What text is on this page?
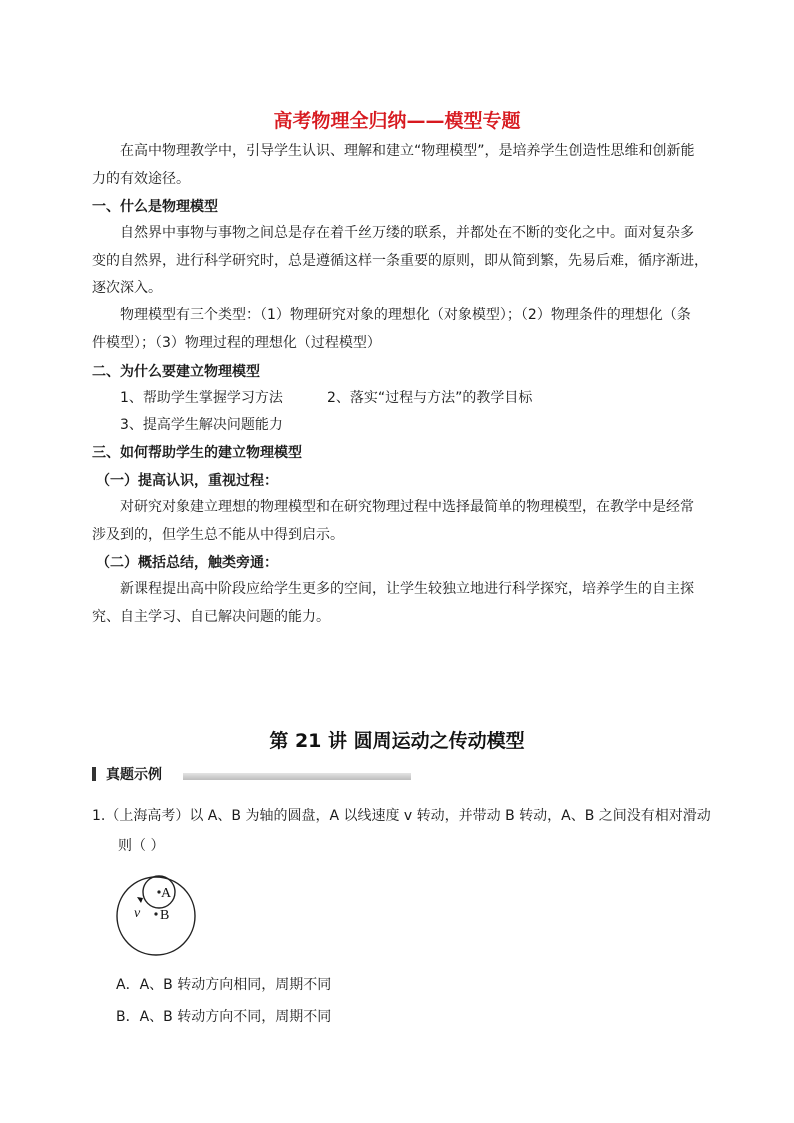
高考物理全归纳——模型专题
在高中物理教学中，引导学生认识、理解和建立“物理模型”，是培养学生创造性思维和创新能
力的有效途径。
一、什么是物理模型
自然界中事物与事物之间总是存在着千丝万缕的联系，并都处在不断的变化之中。面对复杂多
变的自然界，进行科学研究时，总是遵循这样一条重要的原则，即从简到繁，先易后难，循序渐进，
逐次深入。
物理模型有三个类型：（1）物理研究对象的理想化（对象模型）；（2）物理条件的理想化（条
件模型）；（3）物理过程的理想化（过程模型）
二、为什么要建立物理模型
1、帮助学生掌握学习方法	2、落实“过程与方法”的教学目标
3、提高学生解决问题能力
三、如何帮助学生的建立物理模型
（一）提高认识，重视过程：
对研究对象建立理想的物理模型和在研究物理过程中选择最简单的物理模型，在教学中是经常
涉及到的，但学生总不能从中得到启示。
（二）概括总结，触类旁通：
新课程提出高中阶段应给学生更多的空间，让学生较独立地进行科学探究，培养学生的自主探
究、自主学习、自已解决问题的能力。
第 21 讲 圆周运动之传动模型
真题示例
1.（上海高考）以 A、B 为轴的圆盘，A 以线速度 v 转动，并带动 B 转动，A、B 之间没有相对滑动
则（ ）
A
B
v
A．A、B 转动方向相同，周期不同
B．A、B 转动方向不同，周期不同
